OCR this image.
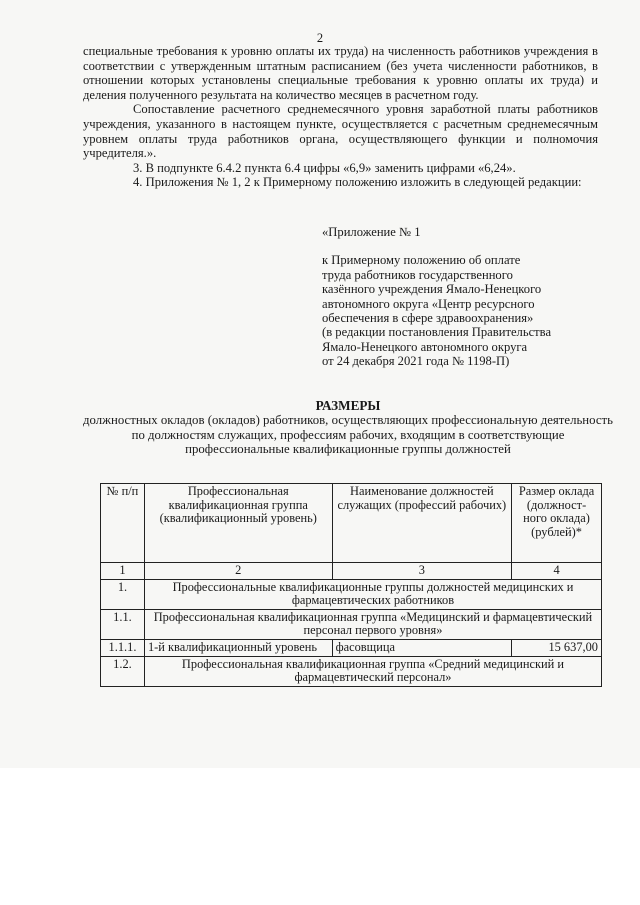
2

специальные требования к уровню оплаты их труда) на численность работников учреждения в соответствии с утвержденным штатным расписанием (без учета численности работников, в отношении которых установлены специальные требования к уровню оплаты их труда) и деления полученного результата на количество месяцев в расчетном году.

Сопоставление расчетного среднемесячного уровня заработной платы работников учреждения, указанного в настоящем пункте, осуществляется с расчетным среднемесячным уровнем оплаты труда работников органа, осуществляющего функции и полномочия учредителя.».

3. В подпункте 6.4.2 пункта 6.4 цифры «6,9» заменить цифрами «6,24».

4. Приложения № 1, 2 к Примерному положению изложить в следующей редакции:

«Приложение № 1

к Примерному положению об оплате

труда работников государственного

казённого учреждения Ямало-Ненецкого

автономного округа «Центр ресурсного

обеспечения в сфере здравоохранения»

(в редакции постановления Правительства

Ямало-Ненецкого автономного округа

от 24 декабря 2021 года № 1198-П)

РАЗМЕРЫ
должностных окладов (окладов) работников, осуществляющих профессиональную деятельность по должностям служащих, профессиям рабочих, входящим в соответствующие профессиональные квалификационные группы должностей
№ п/п	Профессиональная квалификационная группа (квалификационный уровень)	Наименование должностей служащих (профессий рабочих)	Размер оклада (должност-ного оклада) (рублей)*
1	2	3	4
1.	Профессиональные квалификационные группы должностей медицинских и фармацевтических работников		
1.1.	Профессиональная квалификационная группа «Медицинский и фармацевтический персонал первого уровня»		
1.1.1.	1-й квалификационный уровень	фасовщица	15 637,00
1.2.	Профессиональная квалификационная группа «Средний медицинский и фармацевтический персонал»		
